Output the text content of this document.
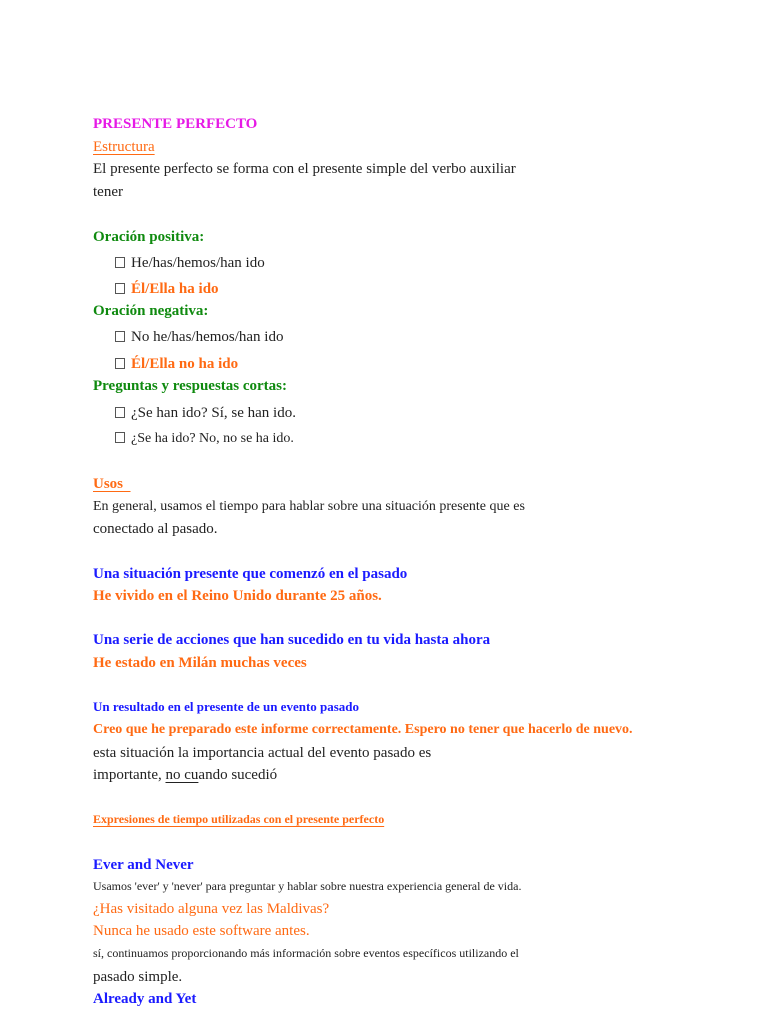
PRESENTE PERFECTO
Estructura
El presente perfecto se forma con el presente simple del verbo auxiliar
tener
Oración positiva:
He/has/hemos/han ido
Él/Ella ha ido
Oración negativa:
No he/has/hemos/han ido
Él/Ella no ha ido
Preguntas y respuestas cortas:
¿Se han ido? Sí, se han ido.
¿Se ha ido? No, no se ha ido.
Usos
En general, usamos el tiempo para hablar sobre una situación presente que es
conectado al pasado.
Una situación presente que comenzó en el pasado
He vivido en el Reino Unido durante 25 años.
Una serie de acciones que han sucedido en tu vida hasta ahora
He estado en Milán muchas veces
Un resultado en el presente de un evento pasado
Creo que he preparado este informe correctamente. Espero no tener que hacerlo de nuevo.
esta situación la importancia actual del evento pasado es
importante, no cuando sucedió
Expresiones de tiempo utilizadas con el presente perfecto
Ever and Never
Usamos 'ever' y 'never' para preguntar y hablar sobre nuestra experiencia general de vida.
¿Has visitado alguna vez las Maldivas?
Nunca he usado este software antes.
sí, continuamos proporcionando más información sobre eventos específicos utilizando el
pasado simple.
Already and Yet
